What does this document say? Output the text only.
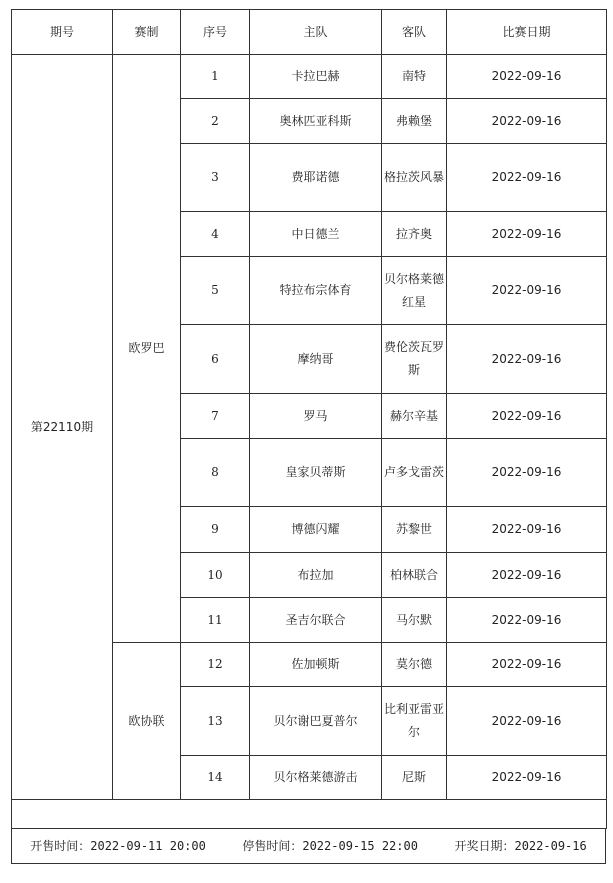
期号	赛制	序号	主队	客队	比赛日期
第22110期	欧罗巴	1	卡拉巴赫	南特	2022-09-16
		2	奥林匹亚科斯	弗赖堡	2022-09-16
		3	费耶诺德	格拉茨风暴	2022-09-16
		4	中日德兰	拉齐奥	2022-09-16
		5	特拉布宗体育	贝尔格莱德红星	2022-09-16
		6	摩纳哥	费伦茨瓦罗斯	2022-09-16
		7	罗马	赫尔辛基	2022-09-16
		8	皇家贝蒂斯	卢多戈雷茨	2022-09-16
		9	博德闪耀	苏黎世	2022-09-16
		10	布拉加	柏林联合	2022-09-16
		11	圣吉尔联合	马尔默	2022-09-16
	欧协联	12	佐加顿斯	莫尔德	2022-09-16
		13	贝尔谢巴夏普尔	比利亚雷亚尔	2022-09-16
		14	贝尔格莱德游击	尼斯	2022-09-16

开售时间：2022-09-11 20:00	停售时间：2022-09-15 22:00	开奖日期：2022-09-16
